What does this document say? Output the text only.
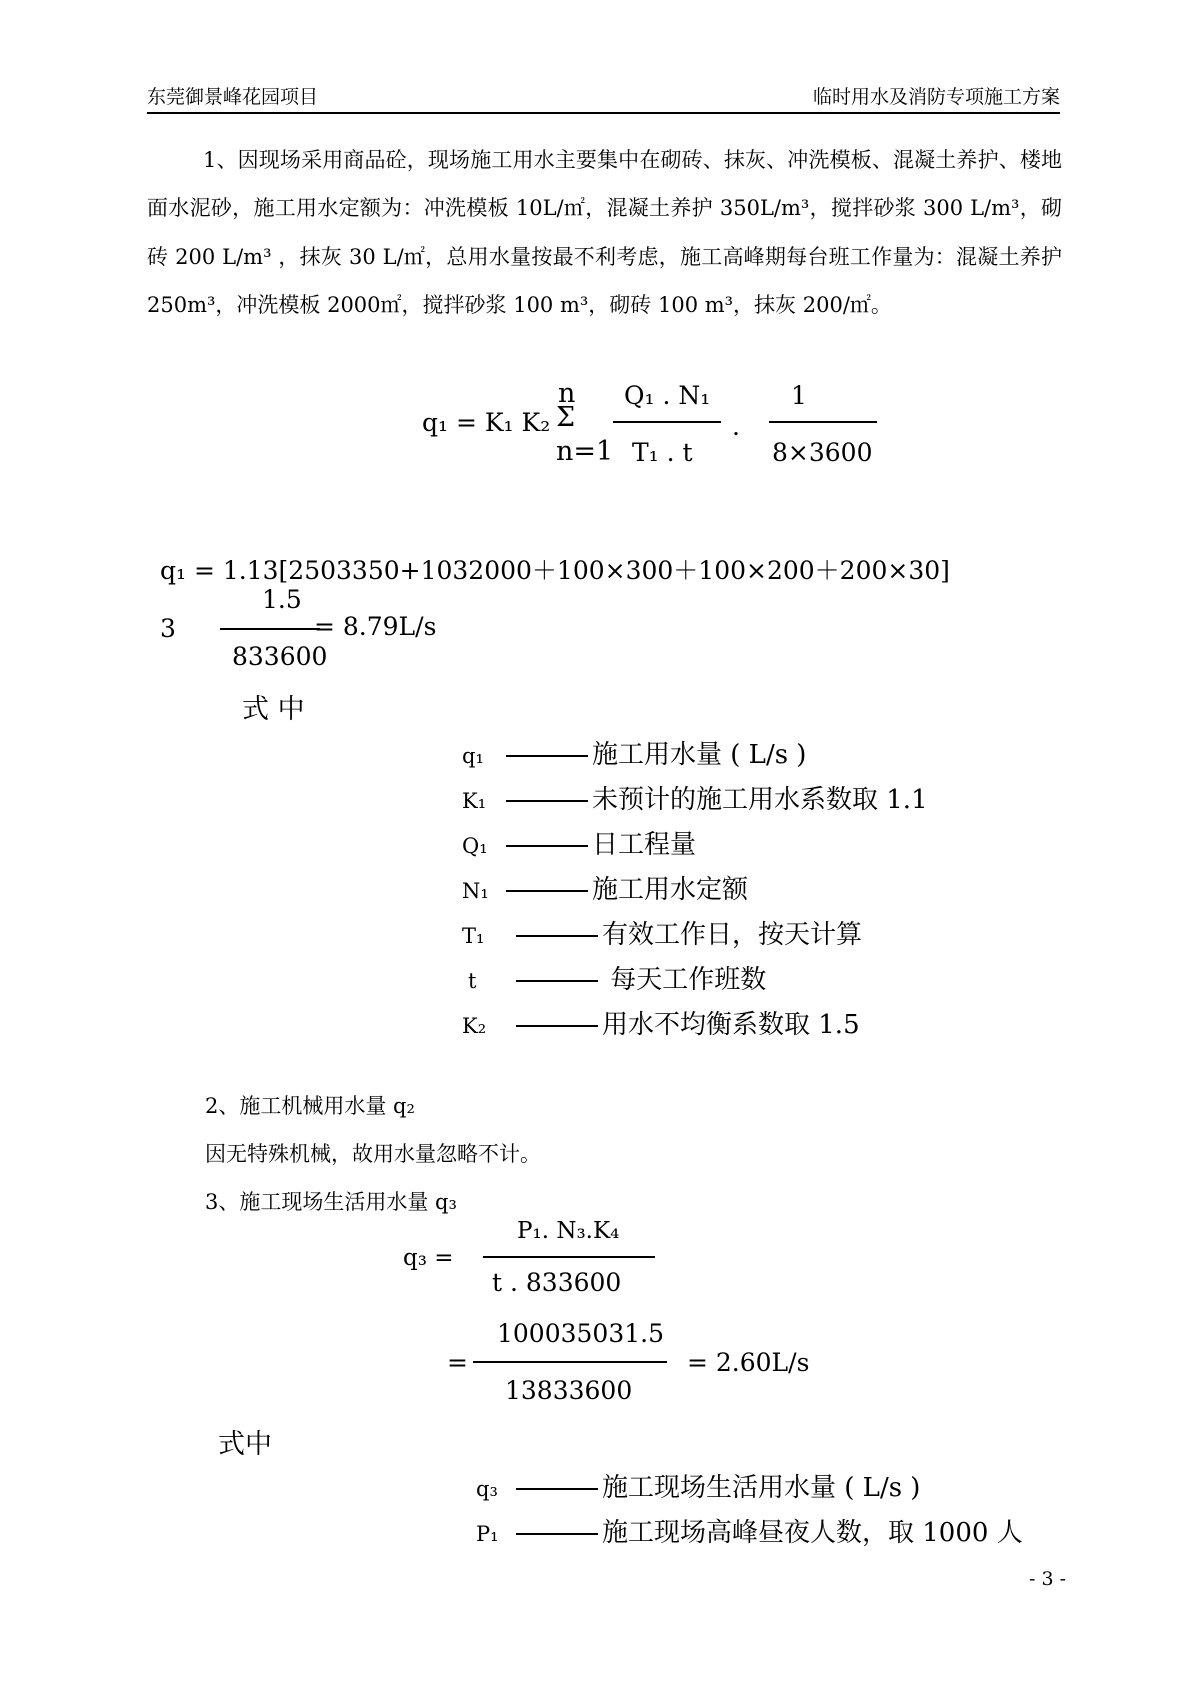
东莞御景峰花园项目	临时用水及消防专项施工方案
1、因现场采用商品砼，现场施工用水主要集中在砌砖、抹灰、冲洗模板、混凝土养护、楼地面水泥砂，施工用水定额为：冲洗模板 10L/㎡，混凝土养护 350L/m³，搅拌砂浆 300 L/m³，砌砖 200 L/m³ ，抹灰 30 L/㎡，总用水量按最不利考虑，施工高峰期每台班工作量为：混凝土养护 250m³，冲洗模板 2000㎡，搅拌砂浆 100 m³，砌砖 100 m³，抹灰 200/㎡。
q₁ = K₁ K₂
n
Σ
n=1
Q₁ . N₁
T₁ . t
.
1
8×3600
q₁ = 1.13[2503350+1032000＋100×300＋100×200＋200×30]
1.5
3	= 8.79L/s
833600
式 中
q₁	施工用水量 ( L/s )
K₁	未预计的施工用水系数取 1.1
Q₁	日工程量
N₁	施工用水定额
T₁	有效工作日，按天计算
t	每天工作班数
K₂	用水不均衡系数取 1.5
2、施工机械用水量 q₂
因无特殊机械，故用水量忽略不计。
3、施工现场生活用水量 q₃
P₁. N₃.K₄
q₃ =
t . 833600
100035031.5
=	= 2.60L/s
13833600
式中
q₃	施工现场生活用水量 ( L/s )
P₁	施工现场高峰昼夜人数，取 1000 人
- 3 -
